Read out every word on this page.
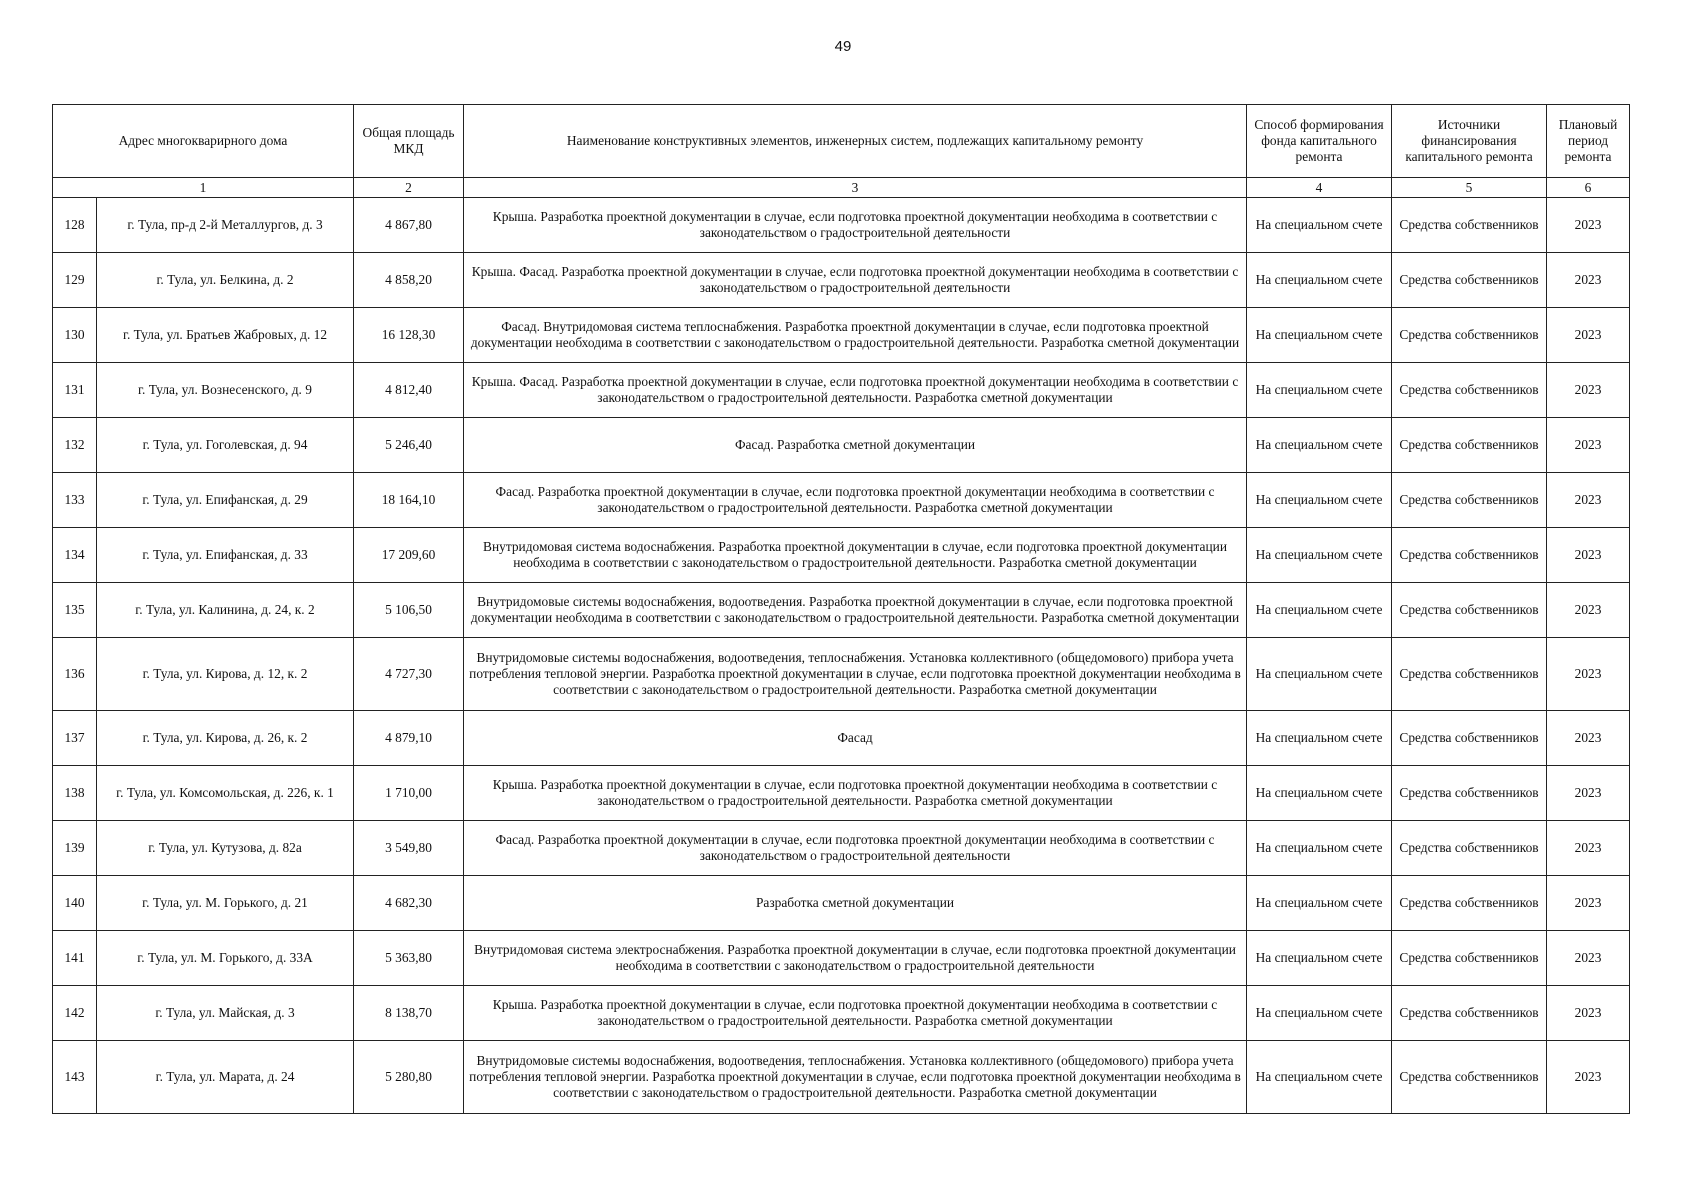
49
Адрес многокварирного дома		Общая площадь МКД	Наименование конструктивных элементов, инженерных систем, подлежащих капитальному ремонту	Способ формирования фонда капитального ремонта	Источники финансирования капитального ремонта	Плановый период ремонта
1		2	3	4	5	6
128	г. Тула, пр-д 2-й Металлургов, д. 3	4 867,80	Крыша. Разработка проектной документации в случае, если подготовка проектной документации необходима в соответствии с законодательством о градостроительной деятельности	На специальном счете	Средства собственников	2023
129	г. Тула, ул. Белкина, д. 2	4 858,20	Крыша. Фасад. Разработка проектной документации в случае, если подготовка проектной документации необходима в соответствии с законодательством о градостроительной деятельности	На специальном счете	Средства собственников	2023
130	г. Тула, ул. Братьев Жабровых, д. 12	16 128,30	Фасад. Внутридомовая система теплоснабжения. Разработка проектной документации в случае, если подготовка проектной документации необходима в соответствии с законодательством о градостроительной деятельности. Разработка сметной документации	На специальном счете	Средства собственников	2023
131	г. Тула, ул. Вознесенского, д. 9	4 812,40	Крыша. Фасад. Разработка проектной документации в случае, если подготовка проектной документации необходима в соответствии с законодательством о градостроительной деятельности. Разработка сметной документации	На специальном счете	Средства собственников	2023
132	г. Тула, ул. Гоголевская, д. 94	5 246,40	Фасад. Разработка сметной документации	На специальном счете	Средства собственников	2023
133	г. Тула, ул. Епифанская, д. 29	18 164,10	Фасад. Разработка проектной документации в случае, если подготовка проектной документации необходима в соответствии с законодательством о градостроительной деятельности. Разработка сметной документации	На специальном счете	Средства собственников	2023
134	г. Тула, ул. Епифанская, д. 33	17 209,60	Внутридомовая система водоснабжения. Разработка проектной документации в случае, если подготовка проектной документации необходима в соответствии с законодательством о градостроительной деятельности. Разработка сметной документации	На специальном счете	Средства собственников	2023
135	г. Тула, ул. Калинина, д. 24, к. 2	5 106,50	Внутридомовые системы водоснабжения, водоотведения. Разработка проектной документации в случае, если подготовка проектной документации необходима в соответствии с законодательством о градостроительной деятельности. Разработка сметной документации	На специальном счете	Средства собственников	2023
136	г. Тула, ул. Кирова, д. 12, к. 2	4 727,30	Внутридомовые системы водоснабжения, водоотведения, теплоснабжения. Установка коллективного (общедомового) прибора учета потребления тепловой энергии. Разработка проектной документации в случае, если подготовка проектной документации необходима в соответствии с законодательством о градостроительной деятельности. Разработка сметной документации	На специальном счете	Средства собственников	2023
137	г. Тула, ул. Кирова, д. 26, к. 2	4 879,10	Фасад	На специальном счете	Средства собственников	2023
138	г. Тула, ул. Комсомольская, д. 226, к. 1	1 710,00	Крыша. Разработка проектной документации в случае, если подготовка проектной документации необходима в соответствии с законодательством о градостроительной деятельности. Разработка сметной документации	На специальном счете	Средства собственников	2023
139	г. Тула, ул. Кутузова, д. 82а	3 549,80	Фасад. Разработка проектной документации в случае, если подготовка проектной документации необходима в соответствии с законодательством о градостроительной деятельности	На специальном счете	Средства собственников	2023
140	г. Тула, ул. М. Горького, д. 21	4 682,30	Разработка сметной документации	На специальном счете	Средства собственников	2023
141	г. Тула, ул. М. Горького, д. 33А	5 363,80	Внутридомовая система электроснабжения. Разработка проектной документации в случае, если подготовка проектной документации необходима в соответствии с законодательством о градостроительной деятельности	На специальном счете	Средства собственников	2023
142	г. Тула, ул. Майская, д. 3	8 138,70	Крыша. Разработка проектной документации в случае, если подготовка проектной документации необходима в соответствии с законодательством о градостроительной деятельности. Разработка сметной документации	На специальном счете	Средства собственников	2023
143	г. Тула, ул. Марата, д. 24	5 280,80	Внутридомовые системы водоснабжения, водоотведения, теплоснабжения. Установка коллективного (общедомового) прибора учета потребления тепловой энергии. Разработка проектной документации в случае, если подготовка проектной документации необходима в соответствии с законодательством о градостроительной деятельности. Разработка сметной документации	На специальном счете	Средства собственников	2023
